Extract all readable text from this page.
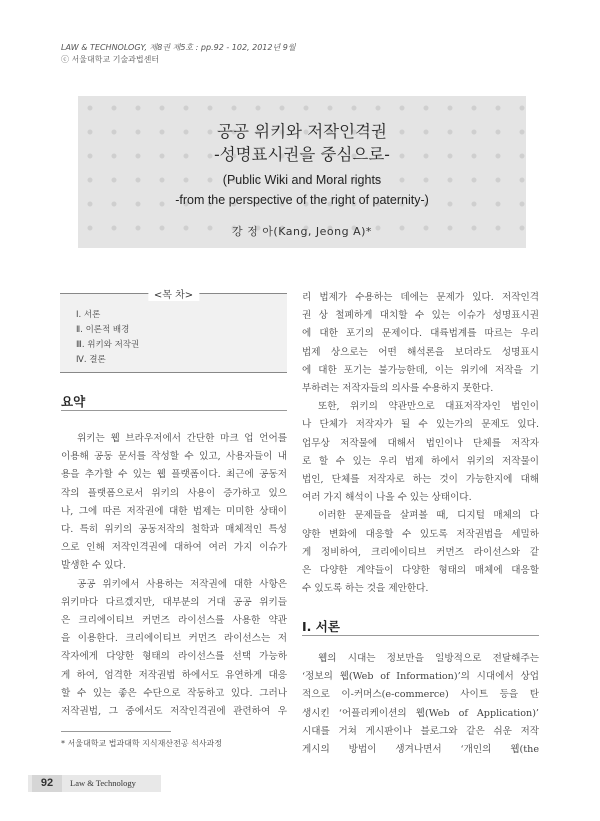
LAW & TECHNOLOGY, 제8권 제5호 : pp.92 - 102, 2012년 9월
ⓒ 서울대학교 기술과법센터
공공 위키와 저작인격권
-성명표시권을 중심으로-
(Public Wiki and Moral rights
-from the perspective of the right of paternity-)
강 정 아(Kang, Jeong A)*
<목 차>
Ⅰ. 서론
Ⅱ. 이론적 배경
Ⅲ. 위키와 저작권
Ⅳ. 결론
요약
위키는 웹 브라우저에서 간단한 마크 업 언어를
이용해 공동 문서를 작성할 수 있고, 사용자들이 내
용을 추가할 수 있는 웹 플랫폼이다. 최근에 공동저
작의 플랫폼으로서 위키의 사용이 증가하고 있으
나, 그에 따른 저작권에 대한 법제는 미미한 상태이
다. 특히 위키의 공동저작의 철학과 매체적인 특성
으로 인해 저작인격권에 대하여 여러 가지 이슈가
발생한 수 있다.
공공 위키에서 사용하는 저작권에 대한 사항은
위키마다 다르겠지만, 대부분의 거대 공공 위키들
은 크리에이티브 커먼즈 라이선스를 사용한 약관
을 이용한다. 크리에이티브 커먼즈 라이선스는 저
작자에게 다양한 형태의 라이선스를 선택 가능하
게 하여, 엄격한 저작권법 하에서도 유연하게 대응
할 수 있는 좋은 수단으로 작동하고 있다. 그러나
저작권법, 그 중에서도 저작인격권에 관련하여 우
리 법제가 수용하는 데에는 문제가 있다. 저작인격
권 상 철폐하게 대치할 수 있는 이슈가 성명표시권
에 대한 포기의 문제이다. 대륙법계를 따르는 우리
법제 상으로는 어떤 해석론을 보더라도 성명표시
에 대한 포기는 불가능한데, 이는 위키에 저작을 기
부하려는 저작자들의 의사를 수용하지 못한다.
또한, 위키의 약관만으로 대표저작자인 법인이
나 단체가 저작자가 될 수 있는가의 문제도 있다.
업무상 저작물에 대해서 법인이나 단체를 저작자
로 할 수 있는 우리 법제 하에서 위키의 저작물이
법인, 단체를 저작자로 하는 것이 가능한지에 대해
여러 가지 해석이 나올 수 있는 상태이다.
이러한 문제들을 살펴볼 때, 디지털 매체의 다
양한 변화에 대응할 수 있도록 저작권법을 세밀하
게 정비하여, 크리에이티브 커먼즈 라이선스와 같
은 다양한 계약들이 다양한 형태의 매체에 대응할
수 있도록 하는 것을 제안한다.
Ⅰ. 서론
웹의 시대는 정보만을 일방적으로 전달해주는
‘정보의 웹(Web of Information)’의 시대에서 상업
적으로 이-커머스(e-commerce) 사이트 등을 탄
생시킨 ‘어플리케이션의 웹(Web of Application)’
시대를 거쳐 게시판이나 블로그와 같은 쉬운 저작
게시의 방법이 생겨나면서 ‘개인의 웹(the
* 서울대학교 법과대학 지식재산전공 석사과정
92	Law & Technology
